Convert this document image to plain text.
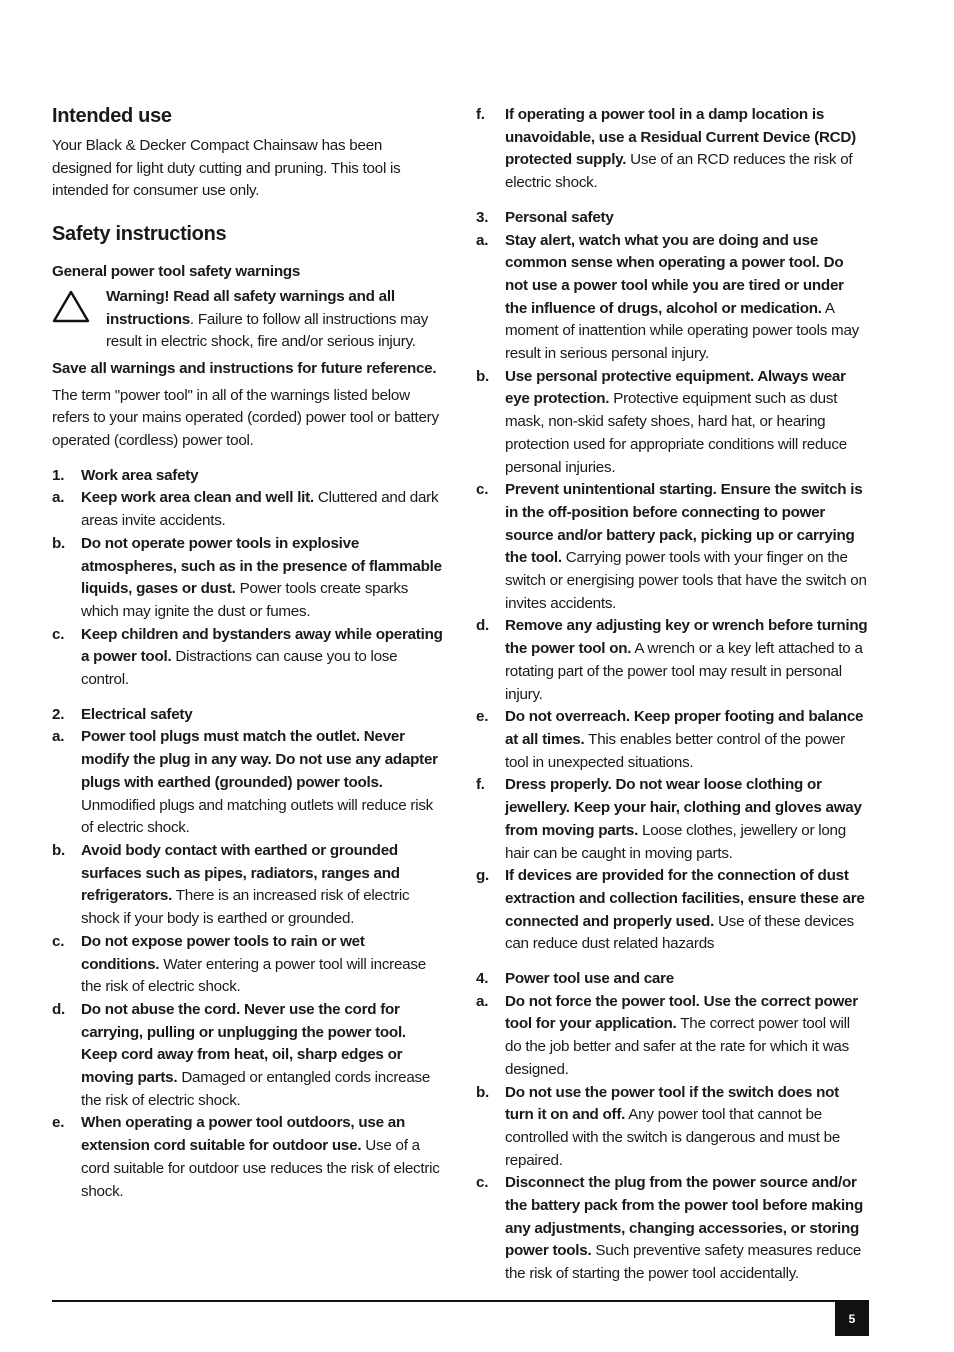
Intended use

Your Black & Decker Compact Chainsaw has been designed for light duty cutting and pruning. This tool is intended for consumer use only.

Safety instructions

General power tool safety warnings

Warning! Read all safety warnings and all instructions. Failure to follow all instructions may result in electric shock, fire and/or serious injury.

Save all warnings and instructions for future reference.

The term "power tool" in all of the warnings listed below refers to your mains operated (corded) power tool or battery operated (cordless) power tool.

1.	Work area safety
a.	Keep work area clean and well lit. Cluttered and dark areas invite accidents.
b.	Do not operate power tools in explosive atmospheres, such as in the presence of flammable liquids, gases or dust. Power tools create sparks which may ignite the dust or fumes.
c.	Keep children and bystanders away while operating a power tool. Distractions can cause you to lose control.
2.	Electrical safety
a.	Power tool plugs must match the outlet. Never modify the plug in any way. Do not use any adapter plugs with earthed (grounded) power tools. Unmodified plugs and matching outlets will reduce risk of electric shock.
b.	Avoid body contact with earthed or grounded surfaces such as pipes, radiators, ranges and refrigerators. There is an increased risk of electric shock if your body is earthed or grounded.
c.	Do not expose power tools to rain or wet conditions. Water entering a power tool will increase the risk of electric shock.
d.	Do not abuse the cord. Never use the cord for carrying, pulling or unplugging the power tool. Keep cord away from heat, oil, sharp edges or moving parts. Damaged or entangled cords increase the risk of electric shock.
e.	When operating a power tool outdoors, use an extension cord suitable for outdoor use. Use of a cord suitable for outdoor use reduces the risk of electric shock.
f.	If operating a power tool in a damp location is unavoidable, use a Residual Current Device (RCD) protected supply. Use of an RCD reduces the risk of electric shock.
3.	Personal safety
a.	Stay alert, watch what you are doing and use common sense when operating a power tool. Do not use a power tool while you are tired or under the influence of drugs, alcohol or medication. A moment of inattention while operating power tools may result in serious personal injury.
b.	Use personal protective equipment. Always wear eye protection. Protective equipment such as dust mask, non-skid safety shoes, hard hat, or hearing protection used for appropriate conditions will reduce personal injuries.
c.	Prevent unintentional starting. Ensure the switch is in the off-position before connecting to power source and/or battery pack, picking up or carrying the tool. Carrying power tools with your finger on the switch or energising power tools that have the switch on invites accidents.
d.	Remove any adjusting key or wrench before turning the power tool on. A wrench or a key left attached to a rotating part of the power tool may result in personal injury.
e.	Do not overreach. Keep proper footing and balance at all times. This enables better control of the power tool in unexpected situations.
f.	Dress properly. Do not wear loose clothing or jewellery. Keep your hair, clothing and gloves away from moving parts. Loose clothes, jewellery or long hair can be caught in moving parts.
g.	If devices are provided for the connection of dust extraction and collection facilities, ensure these are connected and properly used. Use of these devices can reduce dust related hazards
4.	Power tool use and care
a.	Do not force the power tool. Use the correct power tool for your application. The correct power tool will do the job better and safer at the rate for which it was designed.
b.	Do not use the power tool if the switch does not turn it on and off. Any power tool that cannot be controlled with the switch is dangerous and must be repaired.
c.	Disconnect the plug from the power source and/or the battery pack from the power tool before making any adjustments, changing accessories, or storing power tools. Such preventive safety measures reduce the risk of starting the power tool accidentally.
5
